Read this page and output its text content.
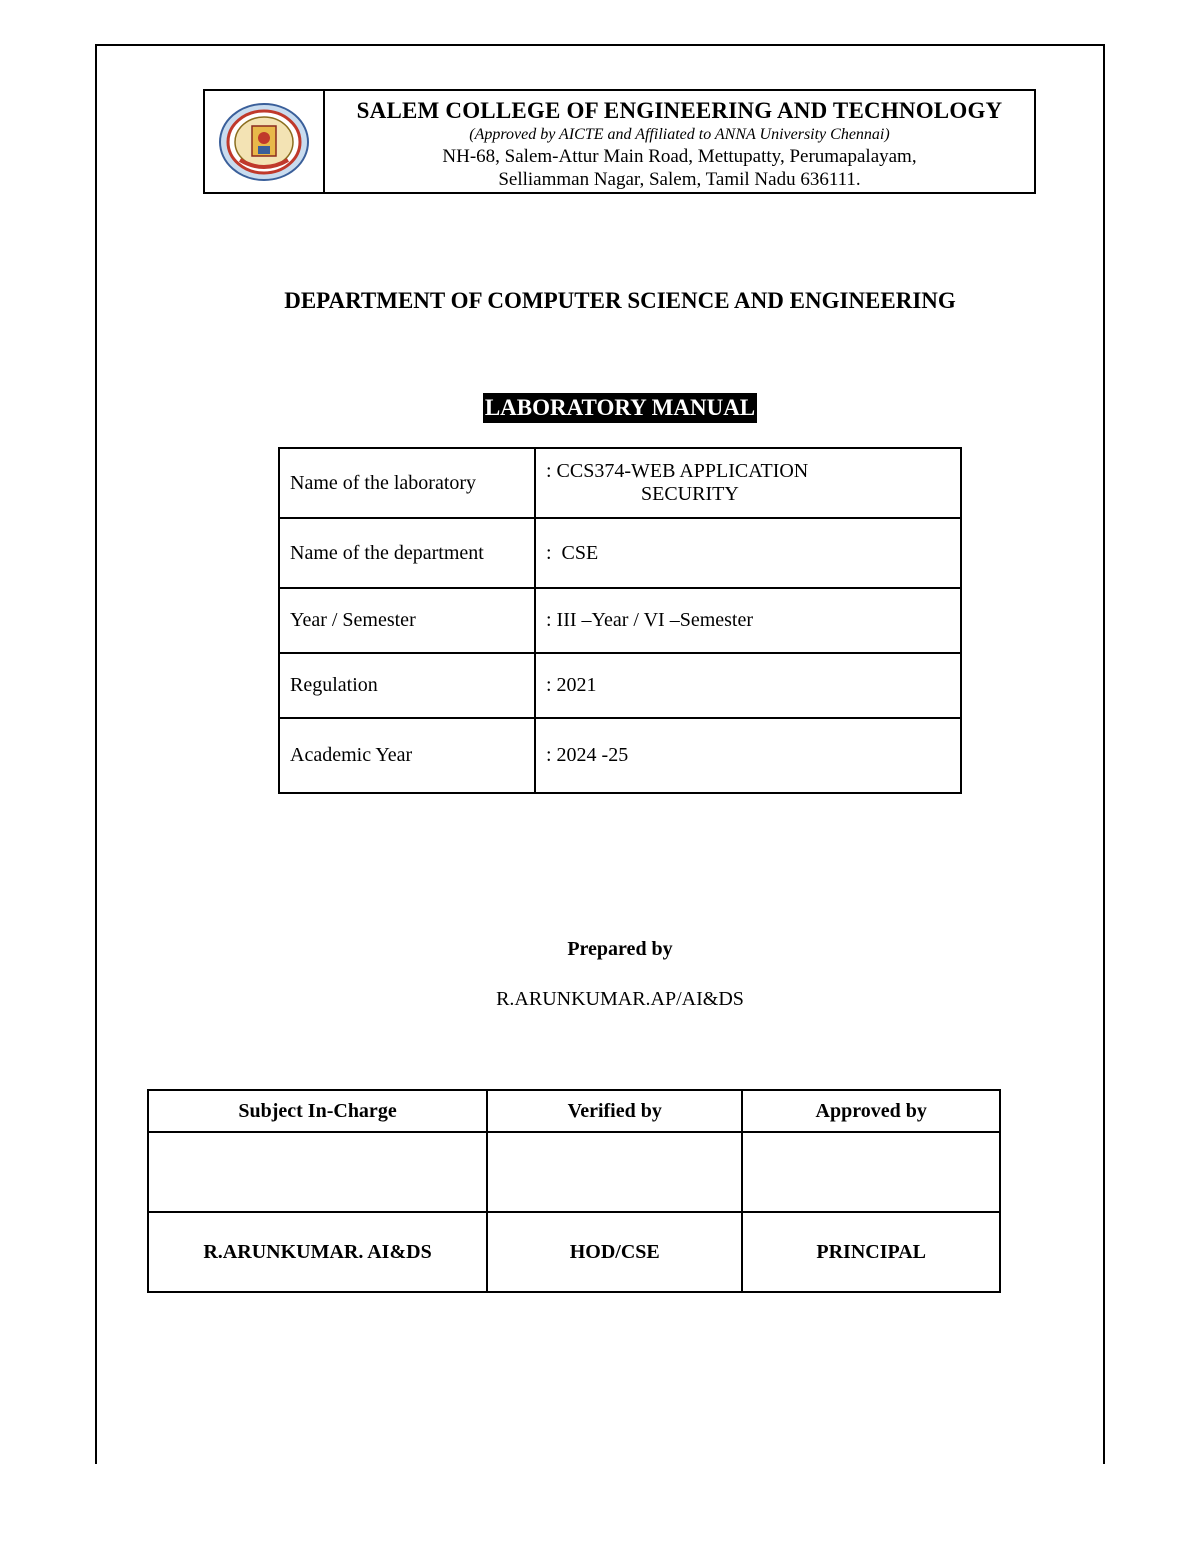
SALEM COLLEGE OF ENGINEERING AND TECHNOLOGY
(Approved by AICTE and Affiliated to ANNA University Chennai)
NH-68, Salem-Attur Main Road, Mettupatty, Perumapalayam,
Selliamman Nagar, Salem, Tamil Nadu 636111.
DEPARTMENT OF COMPUTER SCIENCE AND ENGINEERING
LABORATORY MANUAL
Name of the laboratory	: CCS374-WEB APPLICATION
SECURITY

Name of the department	:  CSE
Year / Semester	: III –Year / VI –Semester
Regulation	: 2021
Academic Year	: 2024 -25
Prepared by
R.ARUNKUMAR.AP/AI&DS
Subject In-Charge	Verified by	Approved by

R.ARUNKUMAR. AI&DS	HOD/CSE	PRINCIPAL
